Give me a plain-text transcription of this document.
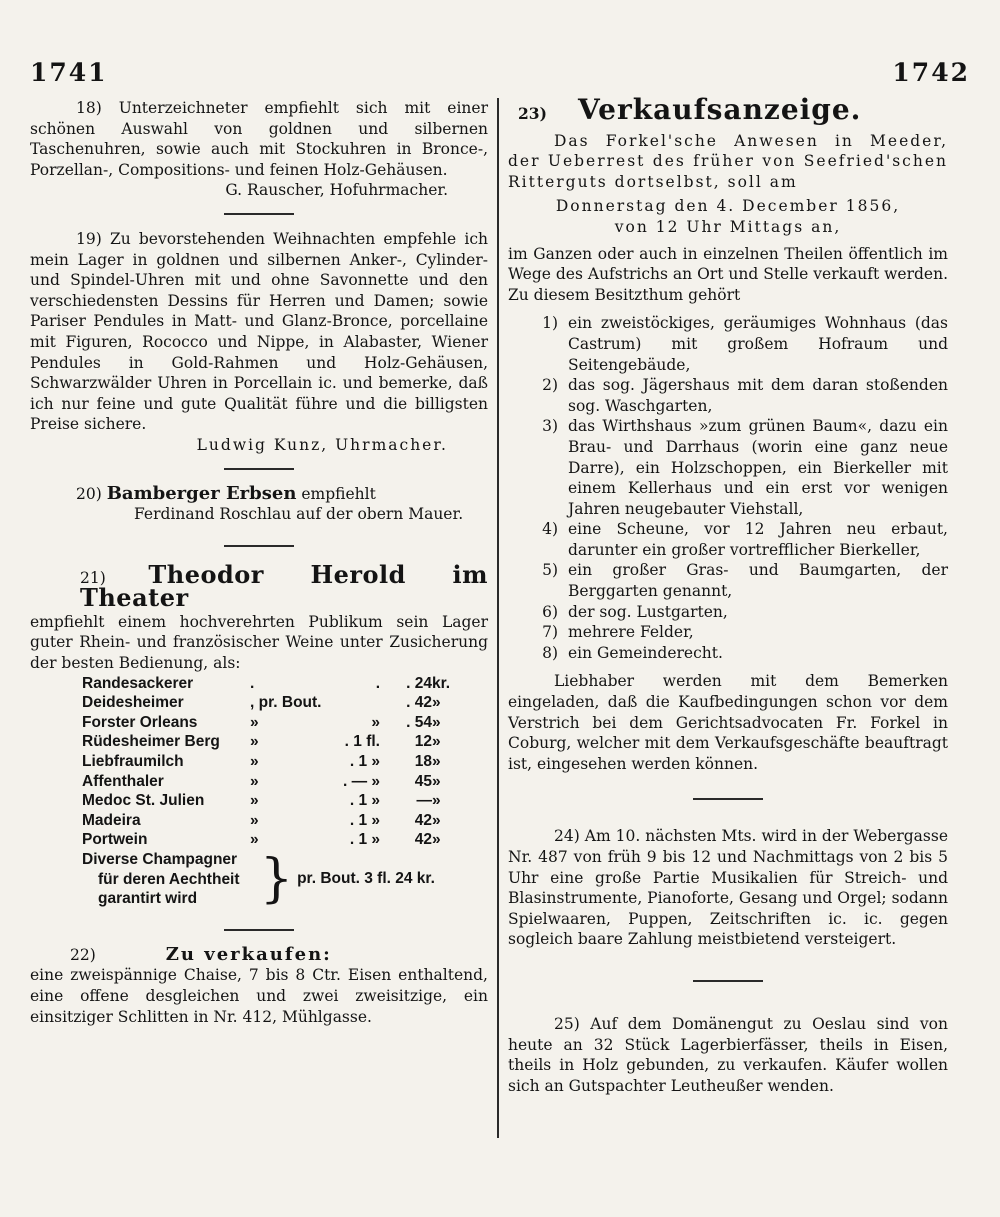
1741	1742

18) Unterzeichneter empfiehlt sich mit einer schönen Auswahl von goldnen und silbernen Taschenuhren, sowie auch mit Stockuhren in Bronce-, Porzellan-, Compositions- und feinen Holz-Gehäusen.

G. Rauscher, Hofuhrmacher.

19) Zu bevorstehenden Weihnachten empfehle ich mein Lager in goldnen und silbernen Anker-, Cylinder- und Spindel-Uhren mit und ohne Savonnette und den verschiedensten Dessins für Herren und Damen; sowie Pariser Pendules in Matt- und Glanz-Bronce, porcellaine mit Figuren, Rococco und Nippe, in Alabaster, Wiener Pendules in Gold-Rahmen und Holz-Gehäusen, Schwarzwälder Uhren in Porcellain ic. und bemerke, daß ich nur feine und gute Qualität führe und die billigsten Preise sichere.

Ludwig Kunz, Uhrmacher.

20) Bamberger Erbsen empfiehlt

Ferdinand Roschlau auf der obern Mauer.

21) Theodor Herold im Theater

empfiehlt einem hochverehrten Publikum sein Lager guter Rhein- und französischer Weine unter Zusicherung der besten Bedienung, als:

Randesackerer	.	.	. 24	kr.
Deidesheimer	, pr. Bout.		. 42	»
Forster Orleans	»	»	. 54	»
Rüdesheimer Berg	»	. 1 fl.	12	»
Liebfraumilch	»	. 1 »	18	»
Affenthaler	»	. — »	45	»
Medoc St. Julien	»	. 1 »	—	»
Madeira	»	. 1 »	42	»
Portwein	»	. 1 »	42	»
Diverse Champagner
für deren Aechtheit
garantirt wird	} pr. Bout. 3 fl. 24 kr.

22)	Zu verkaufen:

eine zweispännige Chaise, 7 bis 8 Ctr. Eisen enthaltend, eine offene desgleichen und zwei zweisitzige, ein einsitziger Schlitten in Nr. 412, Mühlgasse.

23) Verkaufsanzeige.

Das Forkel'sche Anwesen in Meeder, der Ueberrest des früher von Seefried'schen Ritterguts dortselbst, soll am

Donnerstag den 4. December 1856,

von 12 Uhr Mittags an,

im Ganzen oder auch in einzelnen Theilen öffentlich im Wege des Aufstrichs an Ort und Stelle verkauft werden. Zu diesem Besitzthum gehört

1) ein zweistöckiges, geräumiges Wohnhaus (das Castrum) mit großem Hofraum und Seitengebäude,
2) das sog. Jägershaus mit dem daran stoßenden sog. Waschgarten,
3) das Wirthshaus »zum grünen Baum«, dazu ein Brau- und Darrhaus (worin eine ganz neue Darre), ein Holzschoppen, ein Bierkeller mit einem Kellerhaus und ein erst vor wenigen Jahren neugebauter Viehstall,
4) eine Scheune, vor 12 Jahren neu erbaut, darunter ein großer vortrefflicher Bierkeller,
5) ein großer Gras- und Baumgarten, der Berggarten genannt,
6) der sog. Lustgarten,
7) mehrere Felder,
8) ein Gemeinderecht.

Liebhaber werden mit dem Bemerken eingeladen, daß die Kaufbedingungen schon vor dem Verstrich bei dem Gerichtsadvocaten Fr. Forkel in Coburg, welcher mit dem Verkaufsgeschäfte beauftragt ist, eingesehen werden können.

24) Am 10. nächsten Mts. wird in der Webergasse Nr. 487 von früh 9 bis 12 und Nachmittags von 2 bis 5 Uhr eine große Partie Musikalien für Streich- und Blasinstrumente, Pianoforte, Gesang und Orgel; sodann Spielwaaren, Puppen, Zeitschriften ic. ic. gegen sogleich baare Zahlung meistbietend versteigert.

25) Auf dem Domänengut zu Oeslau sind von heute an 32 Stück Lagerbierfässer, theils in Eisen, theils in Holz gebunden, zu verkaufen. Käufer wollen sich an Gutspachter Leutheußer wenden.
